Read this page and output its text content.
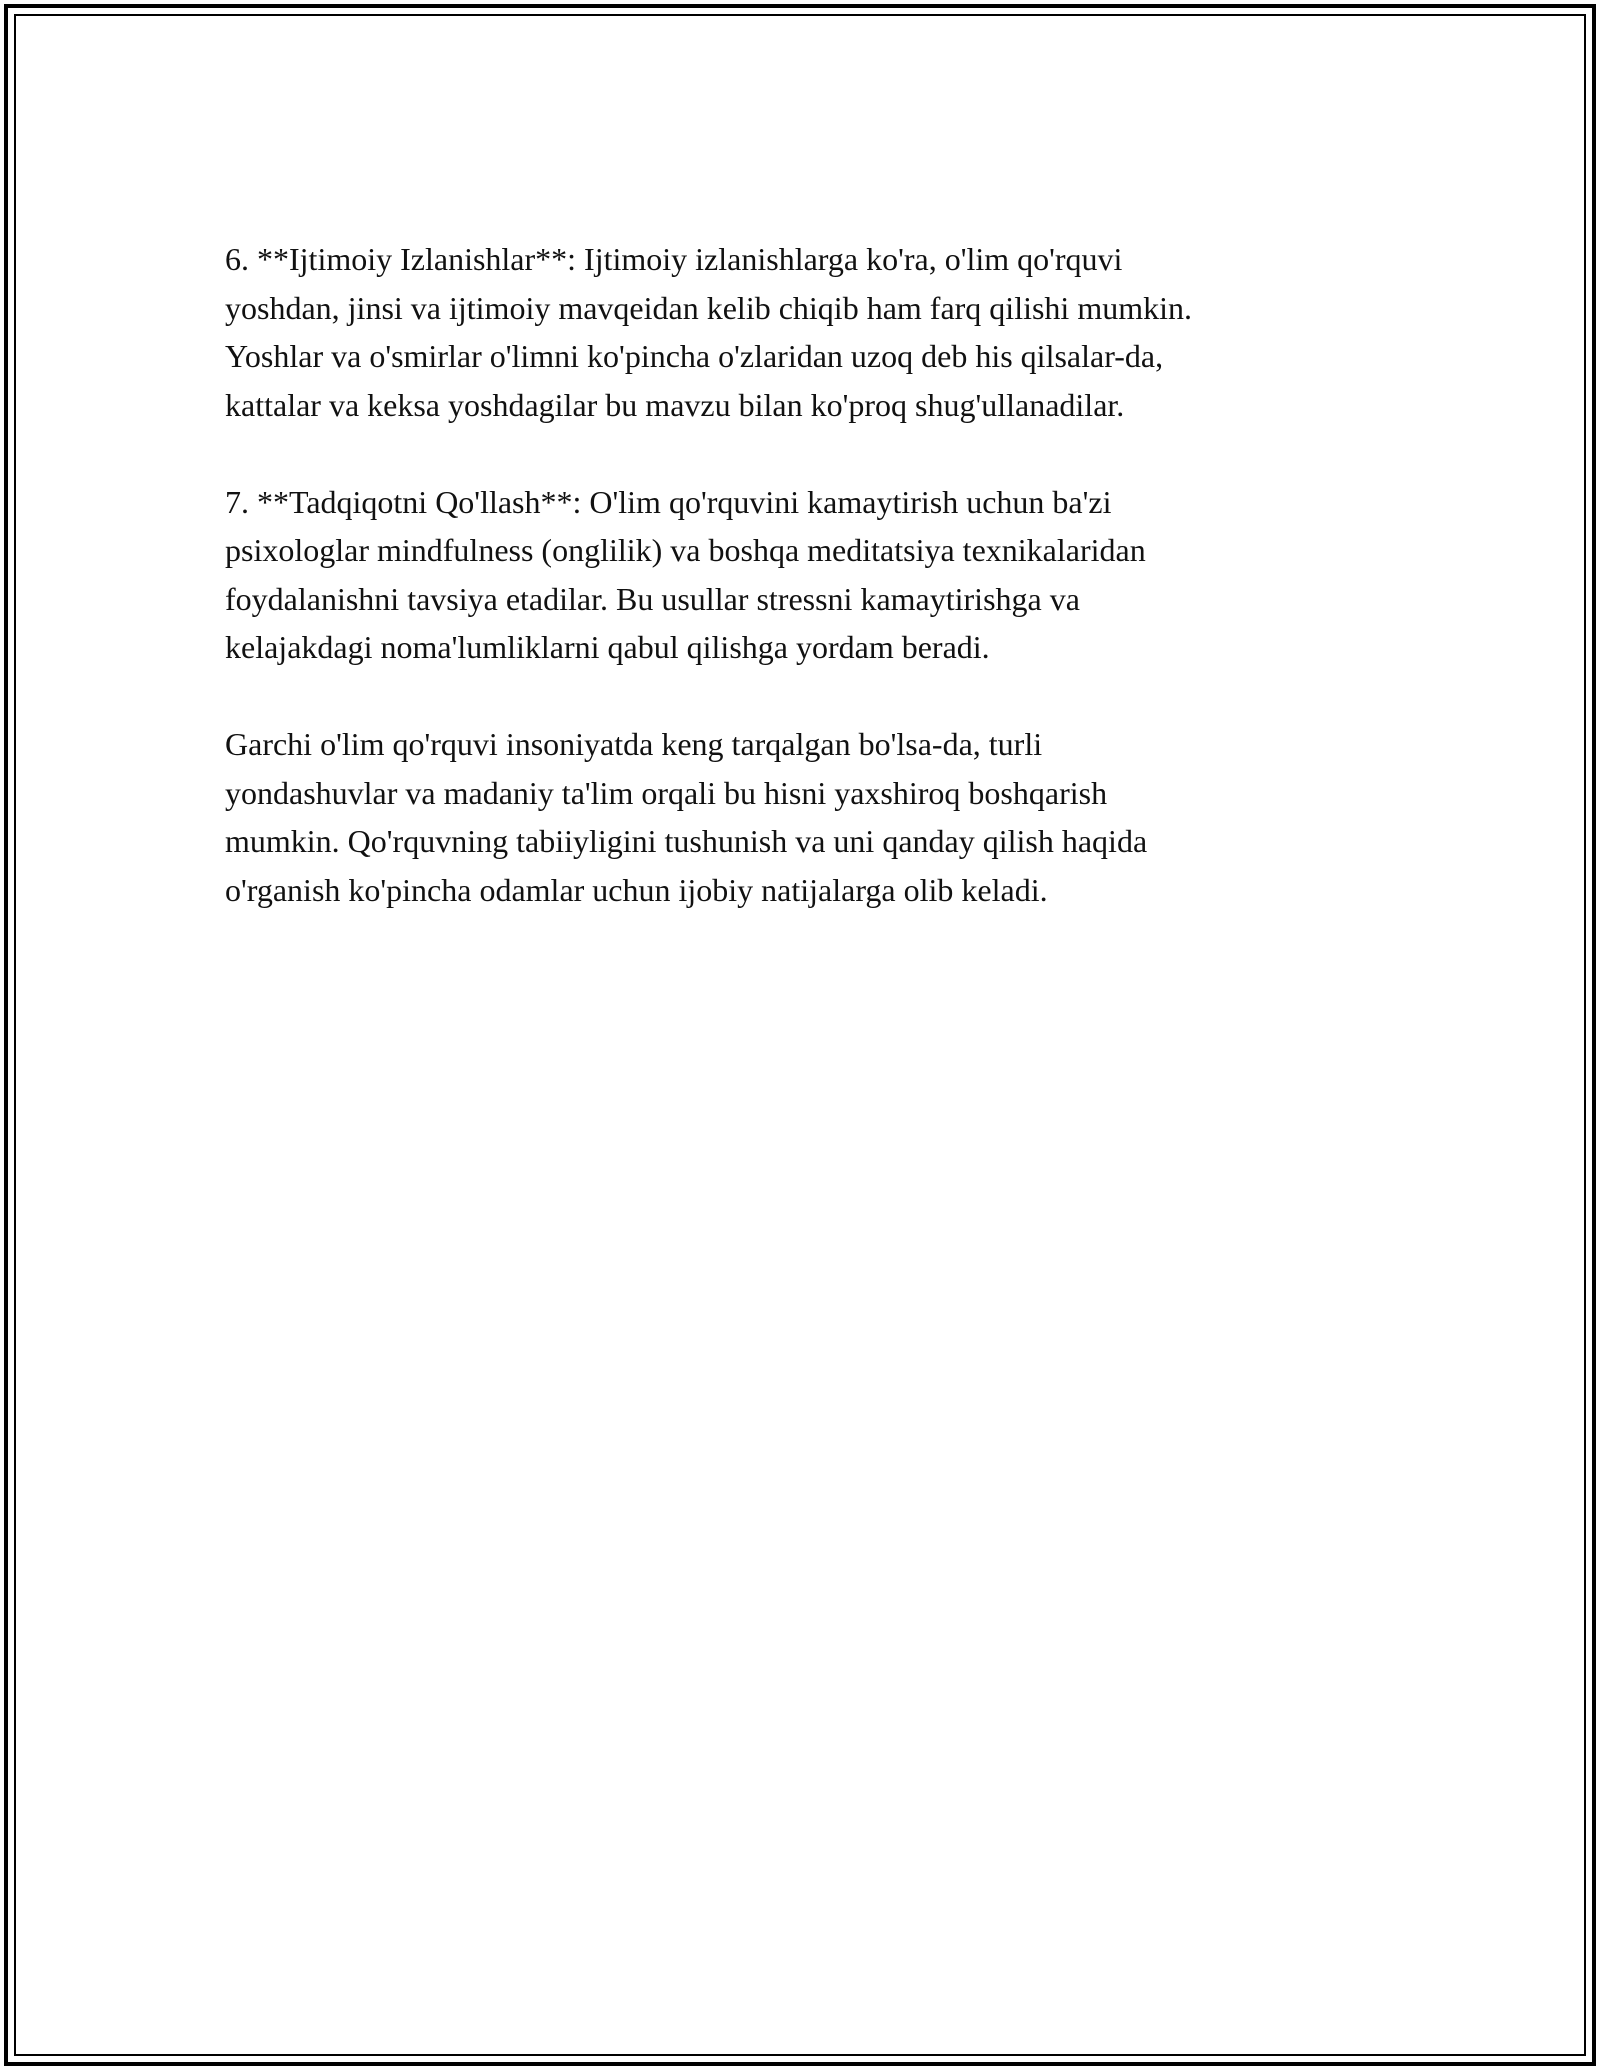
6. **Ijtimoiy Izlanishlar**: Ijtimoiy izlanishlarga ko'ra, o'lim qo'rquvi
yoshdan, jinsi va ijtimoiy mavqeidan kelib chiqib ham farq qilishi mumkin.
Yoshlar va o'smirlar o'limni ko'pincha o'zlaridan uzoq deb his qilsalar-da,
kattalar va keksa yoshdagilar bu mavzu bilan ko'proq shug'ullanadilar.

7. **Tadqiqotni Qo'llash**: O'lim qo'rquvini kamaytirish uchun ba'zi
psixologlar mindfulness (onglilik) va boshqa meditatsiya texnikalaridan
foydalanishni tavsiya etadilar. Bu usullar stressni kamaytirishga va
kelajakdagi noma'lumliklarni qabul qilishga yordam beradi.

Garchi o'lim qo'rquvi insoniyatda keng tarqalgan bo'lsa-da, turli
yondashuvlar va madaniy ta'lim orqali bu hisni yaxshiroq boshqarish
mumkin. Qo'rquvning tabiiyligini tushunish va uni qanday qilish haqida
o'rganish ko'pincha odamlar uchun ijobiy natijalarga olib keladi.
